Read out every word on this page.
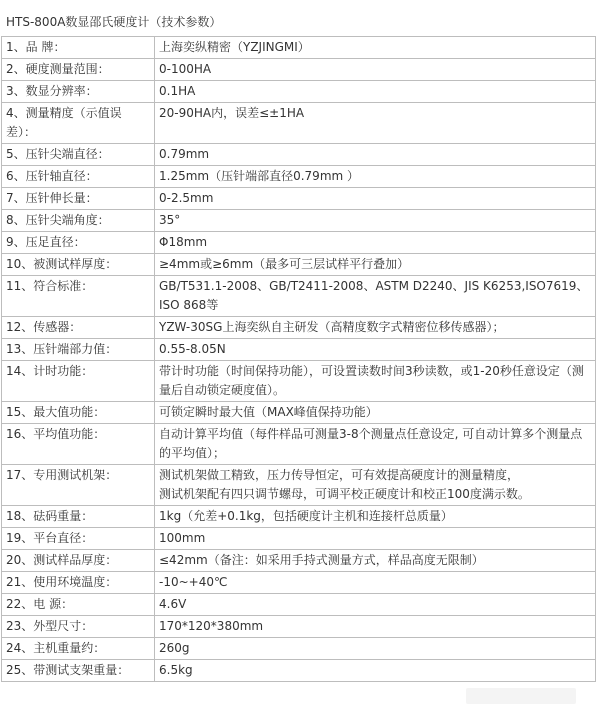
HTS-800A数显邵氏硬度计（技术参数）
1、品 牌：	上海奕纵精密（YZJINGMI）
2、硬度测量范围：	0-100HA
3、数显分辨率：	0.1HA
4、测量精度（示值误差）：	20-90HA内，误差≤±1HA
5、压针尖端直径：	0.79mm
6、压针轴直径：	1.25mm（压针端部直径0.79mm ）
7、压针伸长量：	0-2.5mm
8、压针尖端角度：	35°
9、压足直径：	Φ18mm
10、被测试样厚度：	≥4mm或≥6mm（最多可三层试样平行叠加）
11、符合标准：	GB/T531.1-2008、GB/T2411-2008、ASTM D2240、JIS K6253,ISO7619、ISO 868等
12、传感器：	YZW-30SG上海奕纵自主研发（高精度数字式精密位移传感器）；
13、压针端部力值：	0.55-8.05N
14、计时功能：	带计时功能（时间保持功能），可设置读数时间3秒读数，或1-20秒任意设定（测量后自动锁定硬度值）。
15、最大值功能：	可锁定瞬时最大值（MAX峰值保持功能）
16、平均值功能：	自动计算平均值（每件样品可测量3-8个测量点任意设定, 可自动计算多个测量点的平均值）；
17、专用测试机架：	测试机架做工精致，压力传导恒定，可有效提高硬度计的测量精度，
测试机架配有四只调节螺母，可调平校正硬度计和校正100度满示数。
18、砝码重量：	1kg（允差+0.1kg，包括硬度计主机和连接杆总质量）
19、平台直径：	100mm
20、测试样品厚度：	≤42mm（备注：如采用手持式测量方式，样品高度无限制）
21、使用环境温度：	-10~+40℃
22、电 源：	4.6V
23、外型尺寸：	170*120*380mm
24、主机重量约：	260g
25、带测试支架重量：	6.5kg
